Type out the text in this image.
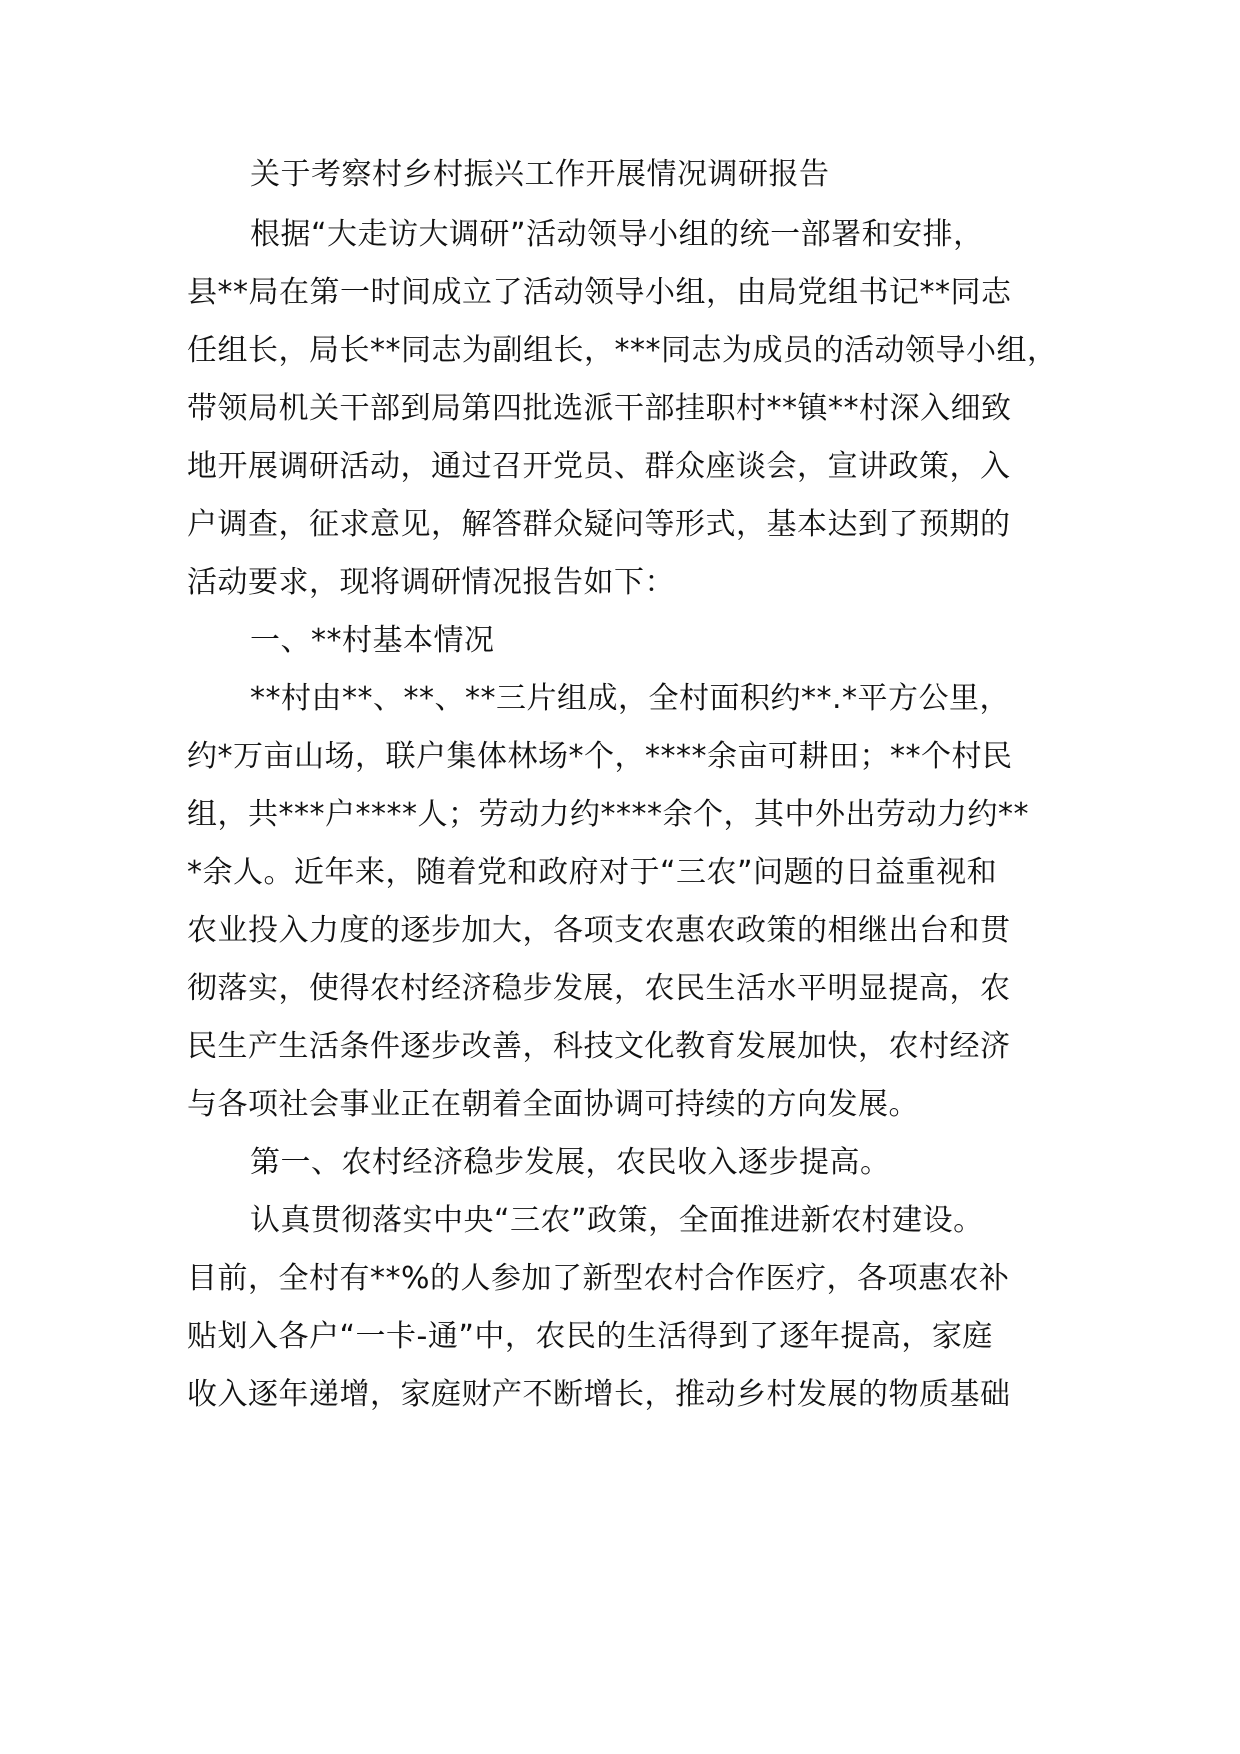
关于考察村乡村振兴工作开展情况调研报告
根据“大走访大调研”活动领导小组的统一部署和安排，
县**局在第一时间成立了活动领导小组，由局党组书记**同志
任组长，局长**同志为副组长，***同志为成员的活动领导小组，
带领局机关干部到局第四批选派干部挂职村**镇**村深入细致
地开展调研活动，通过召开党员、群众座谈会，宣讲政策，入
户调查，征求意见，解答群众疑问等形式，基本达到了预期的
活动要求，现将调研情况报告如下：
一、**村基本情况
**村由**、**、**三片组成，全村面积约**.*平方公里，
约*万亩山场，联户集体林场*个，****余亩可耕田；**个村民
组，共***户****人；劳动力约****余个，其中外出劳动力约**
*余人。近年来，随着党和政府对于“三农”问题的日益重视和
农业投入力度的逐步加大，各项支农惠农政策的相继出台和贯
彻落实，使得农村经济稳步发展，农民生活水平明显提高，农
民生产生活条件逐步改善，科技文化教育发展加快，农村经济
与各项社会事业正在朝着全面协调可持续的方向发展。
第一、农村经济稳步发展，农民收入逐步提高。
认真贯彻落实中央“三农”政策，全面推进新农村建设。
目前，全村有**%的人参加了新型农村合作医疗，各项惠农补
贴划入各户“一卡-通”中，农民的生活得到了逐年提高，家庭
收入逐年递增，家庭财产不断增长，推动乡村发展的物质基础
